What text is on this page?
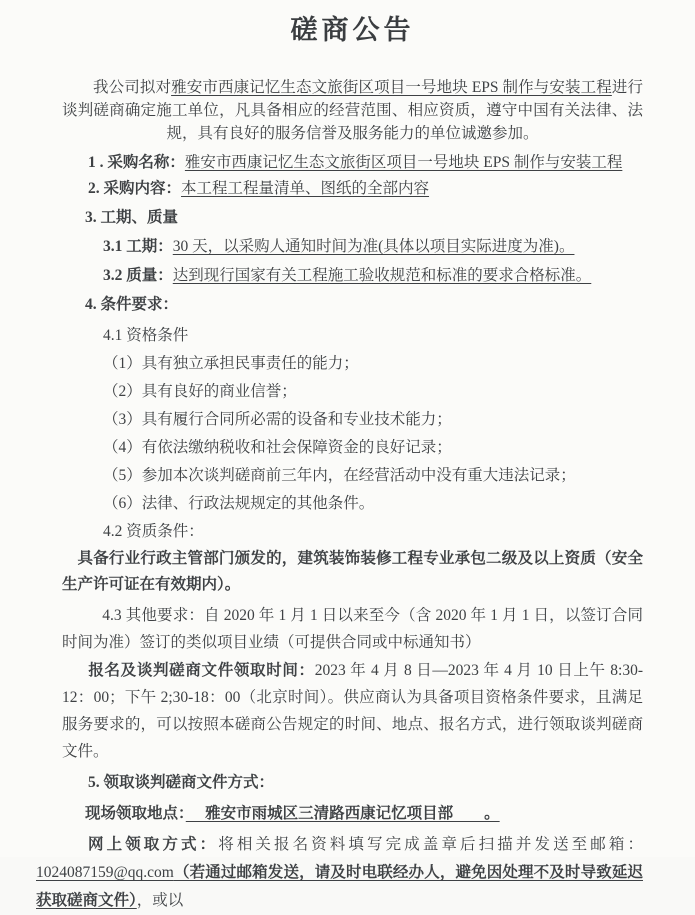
磋商公告

我公司拟对雅安市西康记忆生态文旅街区项目一号地块 EPS 制作与安装工程进行谈判磋商确定施工单位，凡具备相应的经营范围、相应资质，遵守中国有关法律、法规，具有良好的服务信誉及服务能力的单位诚邀参加。

1 . 采购名称：雅安市西康记忆生态文旅街区项目一号地块 EPS 制作与安装工程

2. 采购内容：本工程工程量清单、图纸的全部内容

3. 工期、质量

3.1 工期：30 天，以采购人通知时间为准(具体以项目实际进度为准)。

3.2 质量：达到现行国家有关工程施工验收规范和标准的要求合格标准。

4. 条件要求：

4.1 资格条件

（1）具有独立承担民事责任的能力；

（2）具有良好的商业信誉；

（3）具有履行合同所必需的设备和专业技术能力；

（4）有依法缴纳税收和社会保障资金的良好记录；

（5）参加本次谈判磋商前三年内，在经营活动中没有重大违法记录；

（6）法律、行政法规规定的其他条件。

4.2 资质条件：

具备行业行政主管部门颁发的，建筑装饰装修工程专业承包二级及以上资质（安全生产许可证在有效期内）。

4.3 其他要求：自 2020 年 1 月 1 日以来至今（含 2020 年 1 月 1 日，以签订合同时间为准）签订的类似项目业绩（可提供合同或中标通知书）

报名及谈判磋商文件领取时间：2023 年 4 月 8 日—2023 年 4 月 10 日上午 8:30-12：00；下午 2;30-18：00（北京时间）。供应商认为具备项目资格条件要求，且满足服务要求的，可以按照本磋商公告规定的时间、地点、报名方式，进行领取谈判磋商文件。

5. 领取谈判磋商文件方式：

现场领取地点：　 雅安市雨城区三清路西康记忆项目部　　。

网上领取方式：将相关报名资料填写完成盖章后扫描并发送至邮箱： 1024087159@qq.com（若通过邮箱发送，请及时电联经办人，避免因处理不及时导致延迟获取磋商文件），或以
